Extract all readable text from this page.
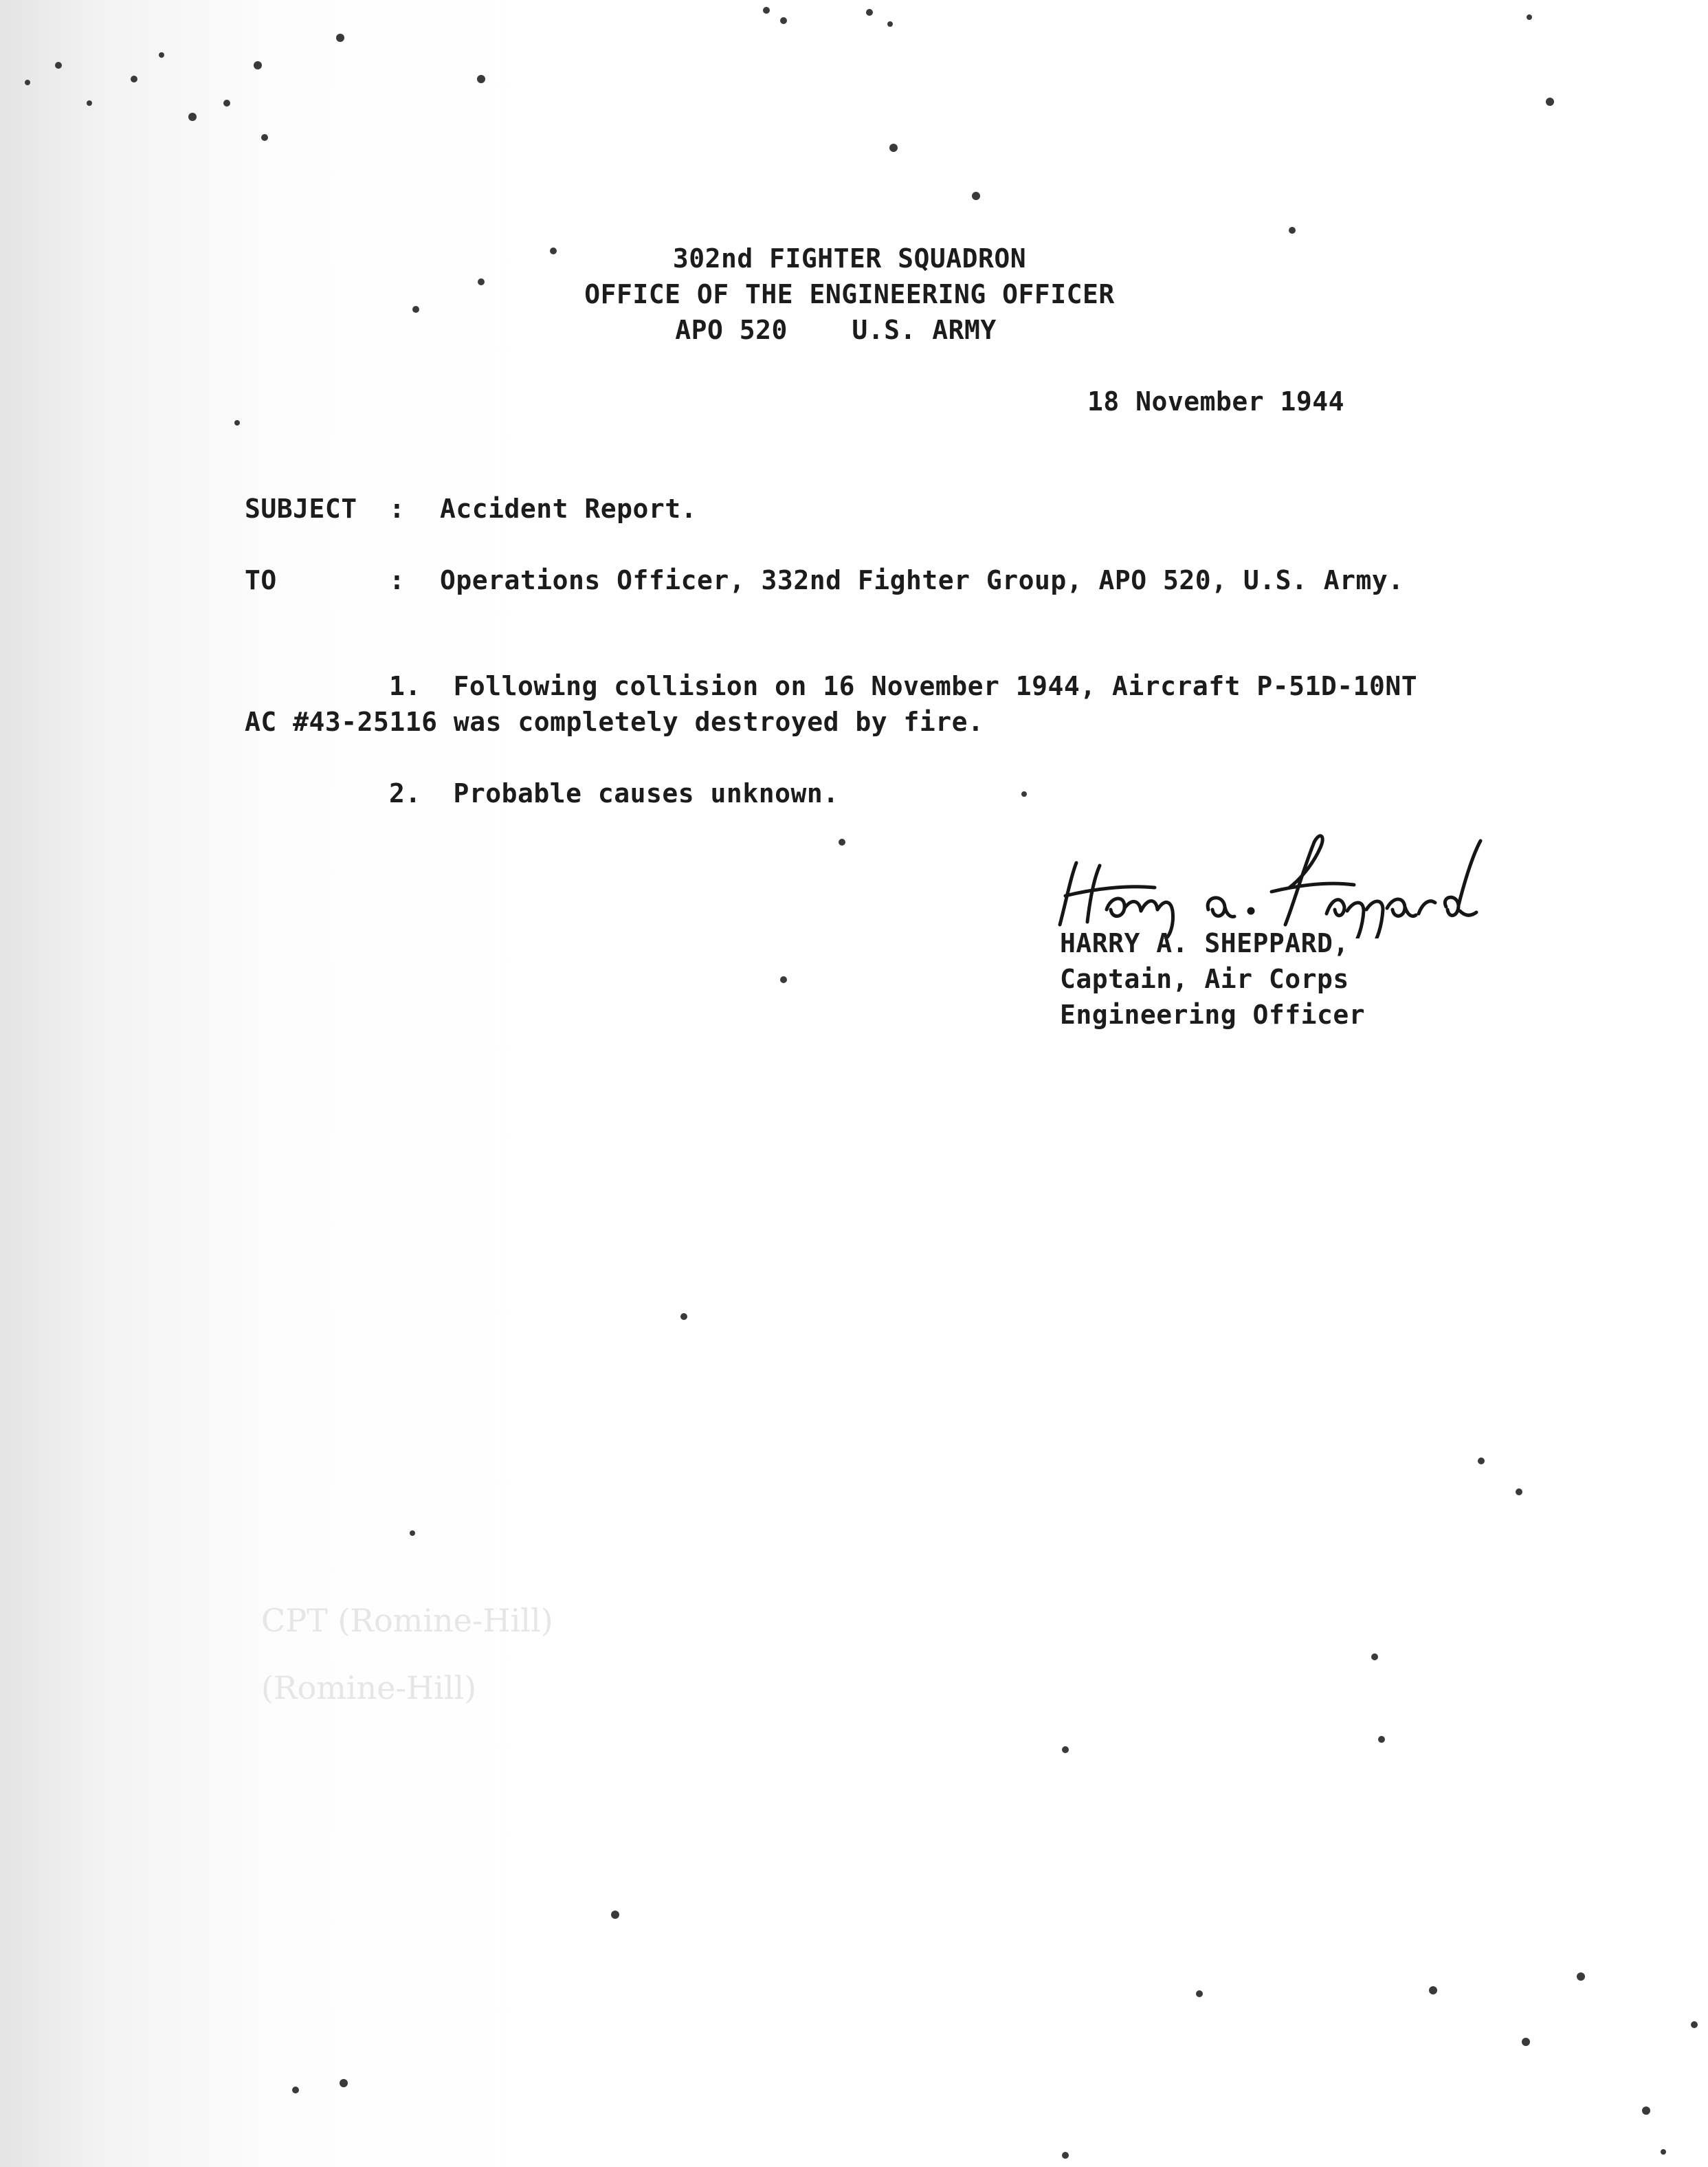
CPT (Romine-Hill)
(Romine-Hill)
302nd FIGHTER SQUADRON
OFFICE OF THE ENGINEERING OFFICER
APO 520    U.S. ARMY
18 November 1944
SUBJECT : Accident Report.
TO	: Operations Officer, 332nd Fighter Group, APO 520, U.S. Army.
1.  Following collision on 16 November 1944, Aircraft P-51D-10NT
AC #43-25116 was completely destroyed by fire.
2.  Probable causes unknown.
HARRY A. SHEPPARD,
Captain, Air Corps
Engineering Officer
